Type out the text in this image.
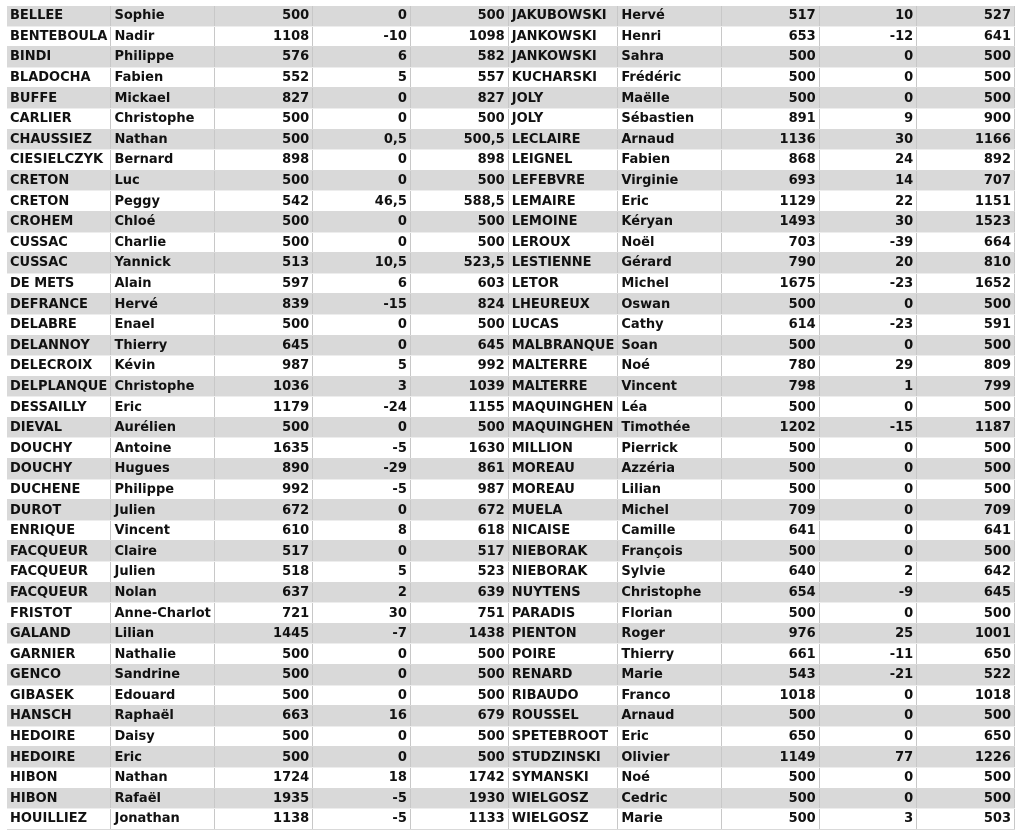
BELLEE	Sophie	500	0	500	JAKUBOWSKI	Hervé	517	10	527
BENTEBOULA	Nadir	1108	-10	1098	JANKOWSKI	Henri	653	-12	641
BINDI	Philippe	576	6	582	JANKOWSKI	Sahra	500	0	500
BLADOCHA	Fabien	552	5	557	KUCHARSKI	Frédéric	500	0	500
BUFFE	Mickael	827	0	827	JOLY	Maëlle	500	0	500
CARLIER	Christophe	500	0	500	JOLY	Sébastien	891	9	900
CHAUSSIEZ	Nathan	500	0,5	500,5	LECLAIRE	Arnaud	1136	30	1166
CIESIELCZYK	Bernard	898	0	898	LEIGNEL	Fabien	868	24	892
CRETON	Luc	500	0	500	LEFEBVRE	Virginie	693	14	707
CRETON	Peggy	542	46,5	588,5	LEMAIRE	Eric	1129	22	1151
CROHEM	Chloé	500	0	500	LEMOINE	Kéryan	1493	30	1523
CUSSAC	Charlie	500	0	500	LEROUX	Noël	703	-39	664
CUSSAC	Yannick	513	10,5	523,5	LESTIENNE	Gérard	790	20	810
DE METS	Alain	597	6	603	LETOR	Michel	1675	-23	1652
DEFRANCE	Hervé	839	-15	824	LHEUREUX	Oswan	500	0	500
DELABRE	Enael	500	0	500	LUCAS	Cathy	614	-23	591
DELANNOY	Thierry	645	0	645	MALBRANQUE	Soan	500	0	500
DELECROIX	Kévin	987	5	992	MALTERRE	Noé	780	29	809
DELPLANQUE	Christophe	1036	3	1039	MALTERRE	Vincent	798	1	799
DESSAILLY	Eric	1179	-24	1155	MAQUINGHEN	Léa	500	0	500
DIEVAL	Aurélien	500	0	500	MAQUINGHEN	Timothée	1202	-15	1187
DOUCHY	Antoine	1635	-5	1630	MILLION	Pierrick	500	0	500
DOUCHY	Hugues	890	-29	861	MOREAU	Azzéria	500	0	500
DUCHENE	Philippe	992	-5	987	MOREAU	Lilian	500	0	500
DUROT	Julien	672	0	672	MUELA	Michel	709	0	709
ENRIQUE	Vincent	610	8	618	NICAISE	Camille	641	0	641
FACQUEUR	Claire	517	0	517	NIEBORAK	François	500	0	500
FACQUEUR	Julien	518	5	523	NIEBORAK	Sylvie	640	2	642
FACQUEUR	Nolan	637	2	639	NUYTENS	Christophe	654	-9	645
FRISTOT	Anne-Charlot	721	30	751	PARADIS	Florian	500	0	500
GALAND	Lilian	1445	-7	1438	PIENTON	Roger	976	25	1001
GARNIER	Nathalie	500	0	500	POIRE	Thierry	661	-11	650
GENCO	Sandrine	500	0	500	RENARD	Marie	543	-21	522
GIBASEK	Edouard	500	0	500	RIBAUDO	Franco	1018	0	1018
HANSCH	Raphaël	663	16	679	ROUSSEL	Arnaud	500	0	500
HEDOIRE	Daisy	500	0	500	SPETEBROOT	Eric	650	0	650
HEDOIRE	Eric	500	0	500	STUDZINSKI	Olivier	1149	77	1226
HIBON	Nathan	1724	18	1742	SYMANSKI	Noé	500	0	500
HIBON	Rafaël	1935	-5	1930	WIELGOSZ	Cedric	500	0	500
HOUILLIEZ	Jonathan	1138	-5	1133	WIELGOSZ	Marie	500	3	503
